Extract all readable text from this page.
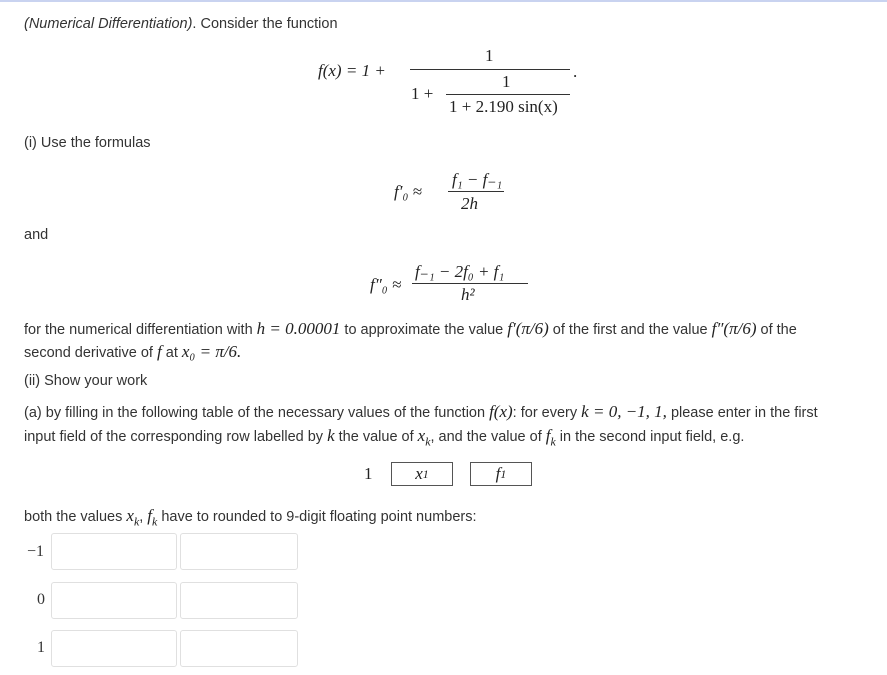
(Numerical Differentiation). Consider the function
f(x) = 1 +
1
.
1
1 +
1 + 2.190 sin(x)
(i) Use the formulas
f′₀ ≈
f₁ − f₋₁
2h
and
f″₀ ≈
f₋₁ − 2f₀ + f₁
h²
for the numerical differentiation with h = 0.00001 to approximate the value f′(π/6) of the first and the value f″(π/6) of the
second derivative of f at x₀ = π/6.
(ii) Show your work
(a) by filling in the following table of the necessary values of the function f(x): for every k = 0, −1, 1, please enter in the first
input field of the corresponding row labelled by k the value of $x_k$, and the value of $f_k$ in the second input field, e.g.
1	x 1	f 1
both the values $x_k$, $f_k$ have to rounded to 9-digit floating point numbers:
−1
0
1
